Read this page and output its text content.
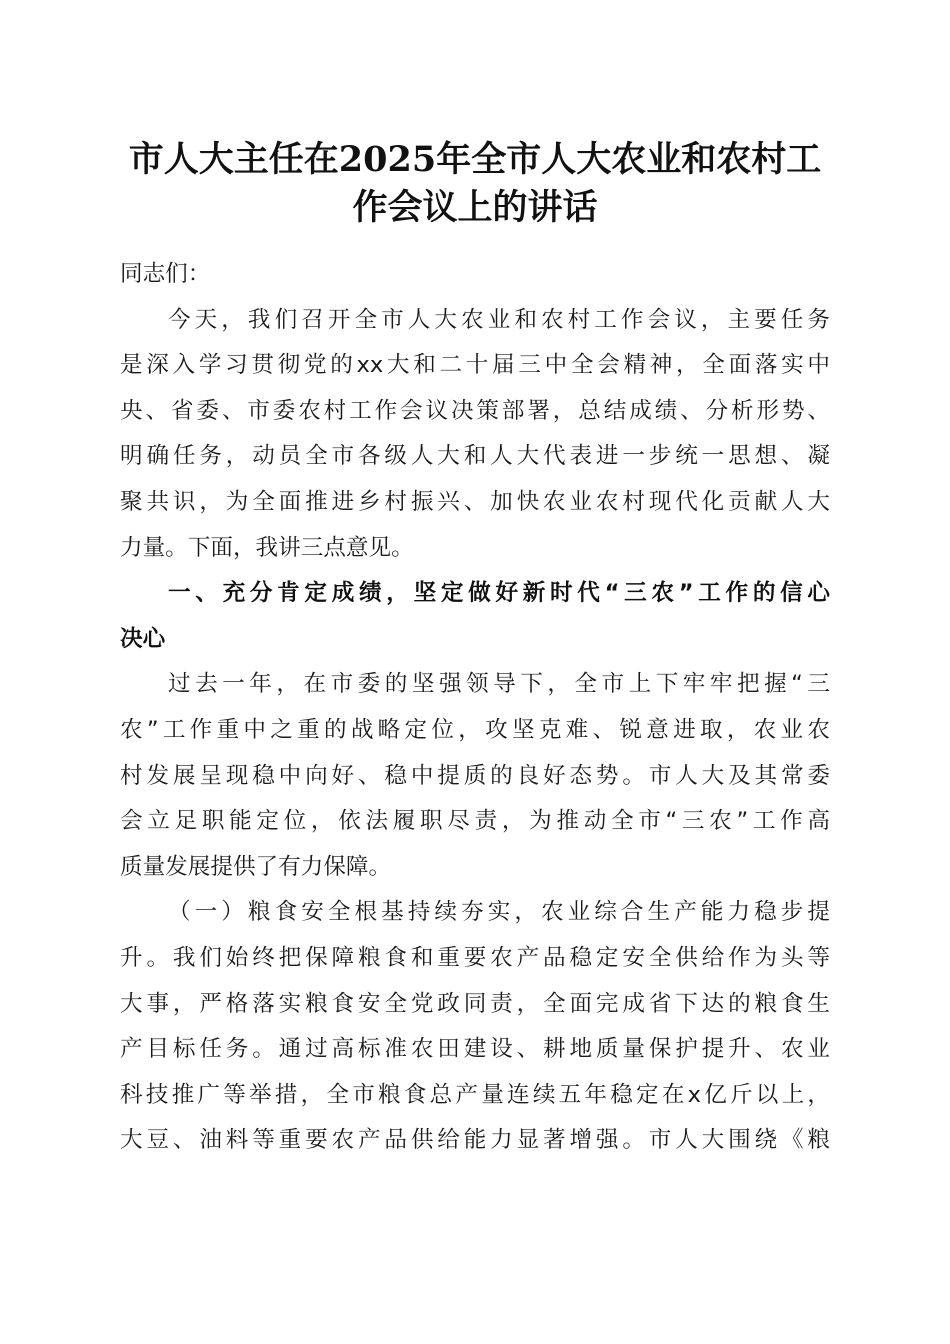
市人大主任在2025年全市人大农业和农村工
作会议上的讲话
同志们：
今天，我们召开全市人大农业和农村工作会议，主要任务
是深入学习贯彻党的xx大和二十届三中全会精神，全面落实中
央、省委、市委农村工作会议决策部署，总结成绩、分析形势、
明确任务，动员全市各级人大和人大代表进一步统一思想、凝
聚共识，为全面推进乡村振兴、加快农业农村现代化贡献人大
力量。下面，我讲三点意见。
一、充分肯定成绩，坚定做好新时代“三农”工作的信心
决心
过去一年，在市委的坚强领导下，全市上下牢牢把握“三
农”工作重中之重的战略定位，攻坚克难、锐意进取，农业农
村发展呈现稳中向好、稳中提质的良好态势。市人大及其常委
会立足职能定位，依法履职尽责，为推动全市“三农”工作高
质量发展提供了有力保障。
（一）粮食安全根基持续夯实，农业综合生产能力稳步提
升。我们始终把保障粮食和重要农产品稳定安全供给作为头等
大事，严格落实粮食安全党政同责，全面完成省下达的粮食生
产目标任务。通过高标准农田建设、耕地质量保护提升、农业
科技推广等举措，全市粮食总产量连续五年稳定在x亿斤以上，
大豆、油料等重要农产品供给能力显著增强。市人大围绕《粮
